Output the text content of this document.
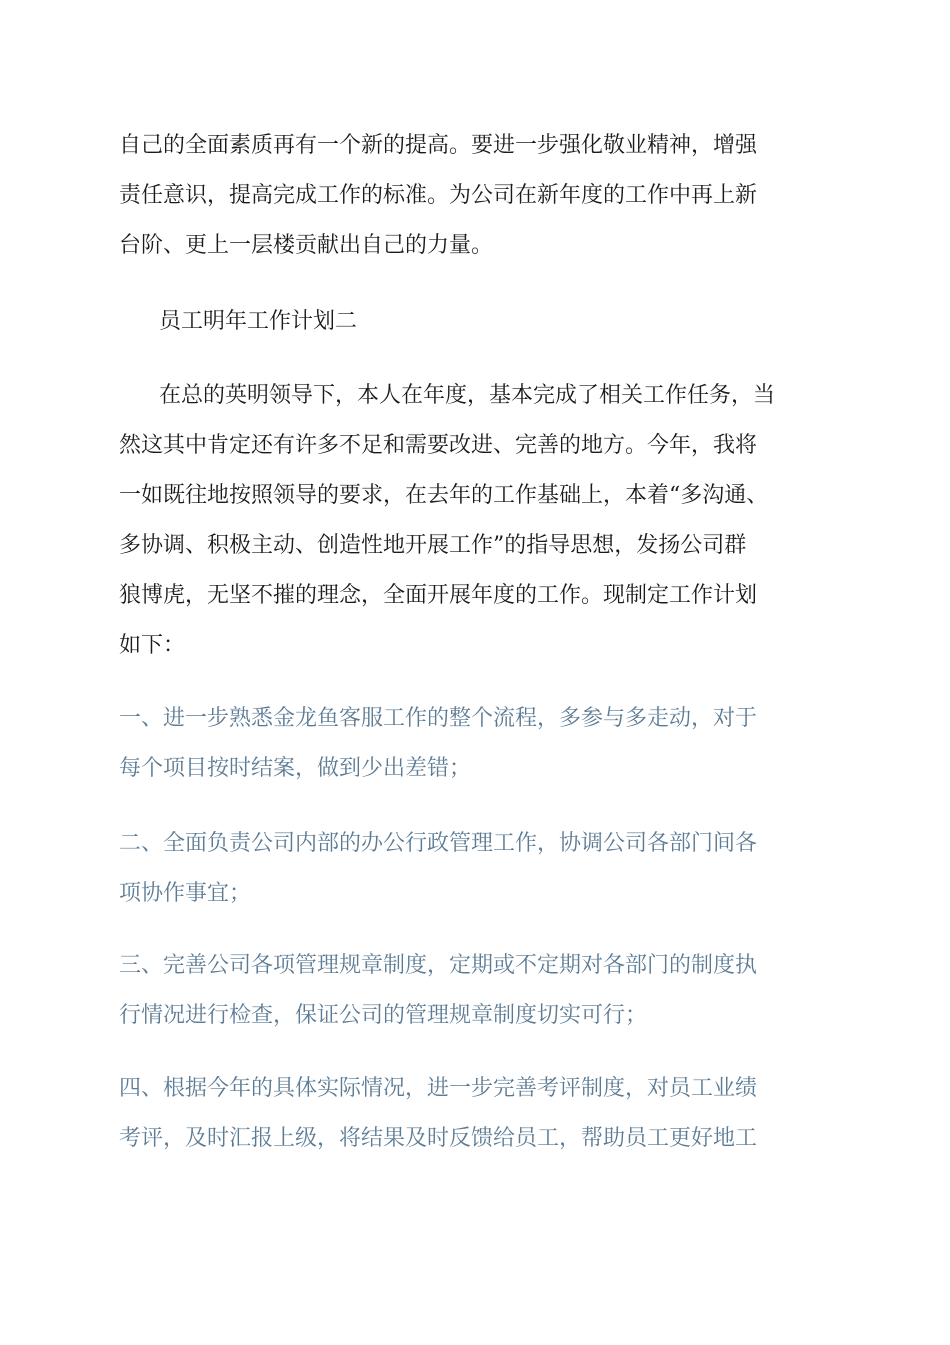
自己的全面素质再有一个新的提高。要进一步强化敬业精神，增强
责任意识，提高完成工作的标准。为公司在新年度的工作中再上新
台阶、更上一层楼贡献出自己的力量。

员工明年工作计划二

在总的英明领导下，本人在年度，基本完成了相关工作任务，当
然这其中肯定还有许多不足和需要改进、完善的地方。今年，我将
一如既往地按照领导的要求，在去年的工作基础上，本着“多沟通、
多协调、积极主动、创造性地开展工作”的指导思想，发扬公司群
狼博虎，无坚不摧的理念，全面开展年度的工作。现制定工作计划
如下：

一、进一步熟悉金龙鱼客服工作的整个流程，多参与多走动，对于
每个项目按时结案，做到少出差错；

二、全面负责公司内部的办公行政管理工作，协调公司各部门间各
项协作事宜；

三、完善公司各项管理规章制度，定期或不定期对各部门的制度执
行情况进行检查，保证公司的管理规章制度切实可行；

四、根据今年的具体实际情况，进一步完善考评制度，对员工业绩
考评，及时汇报上级，将结果及时反馈给员工，帮助员工更好地工
